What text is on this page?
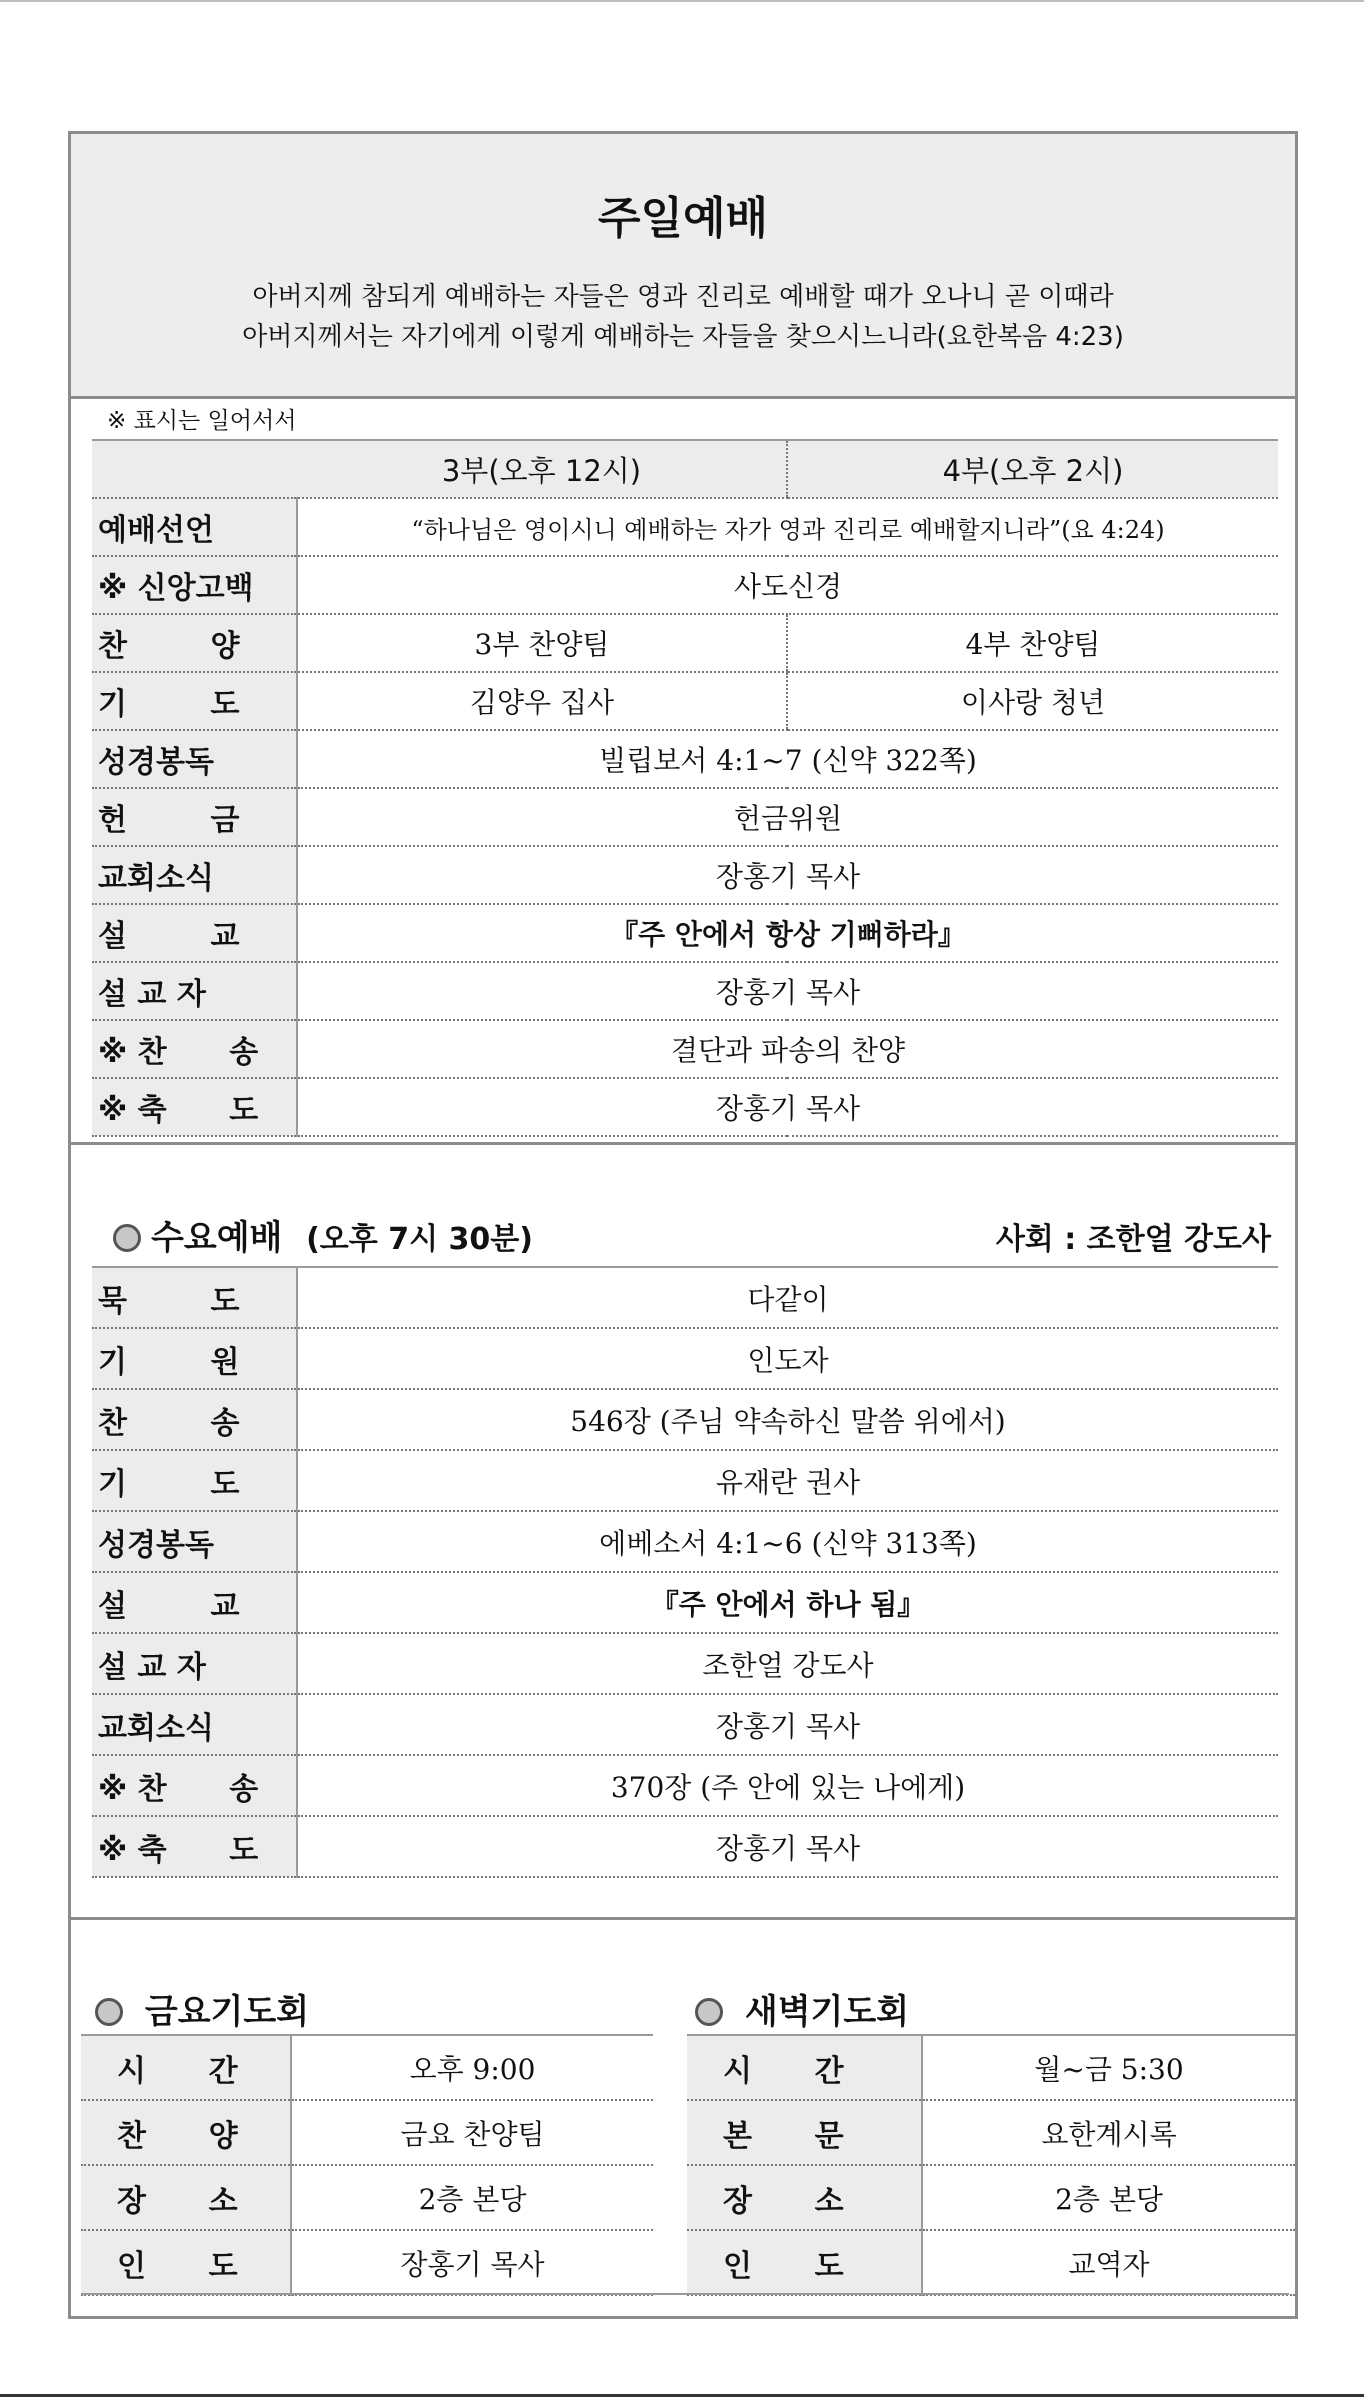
주일예배
아버지께 참되게 예배하는 자들은 영과 진리로 예배할 때가 오나니 곧 이때라
아버지께서는 자기에게 이렇게 예배하는 자들을 찾으시느니라(요한복음 4:23)
※ 표시는 일어서서
	3부(오후 12시)	4부(오후 2시)
예배선언	“하나님은 영이시니 예배하는 자가 영과 진리로 예배할지니라”(요 4:24)	
※ 신앙고백	사도신경	
찬        양	3부 찬양팀	4부 찬양팀
기        도	김양우 집사	이사랑 청년
성경봉독	빌립보서 4:1~7 (신약 322쪽)	
헌        금	헌금위원	
교회소식	장홍기 목사	
설        교	『주 안에서 항상 기뻐하라』	
설 교 자	장홍기 목사	
※ 찬      송	결단과 파송의 찬양	
※ 축      도	장홍기 목사	
수요예배 (오후 7시 30분)	사회 : 조한얼 강도사
묵        도	다같이
기        원	인도자
찬        송	546장 (주님 약속하신 말씀 위에서)
기        도	유재란 권사
성경봉독	에베소서 4:1~6 (신약 313쪽)
설        교	『주 안에서 하나 됨』
설 교 자	조한얼 강도사
교회소식	장홍기 목사
※ 찬      송	370장 (주 안에 있는 나에게)
※ 축      도	장홍기 목사
금요기도회	새벽기도회
시      간	오후 9:00
찬      양	금요 찬양팀
장      소	2층 본당
인      도	장홍기 목사
시      간	월~금 5:30
본      문	요한계시록
장      소	2층 본당
인      도	교역자
